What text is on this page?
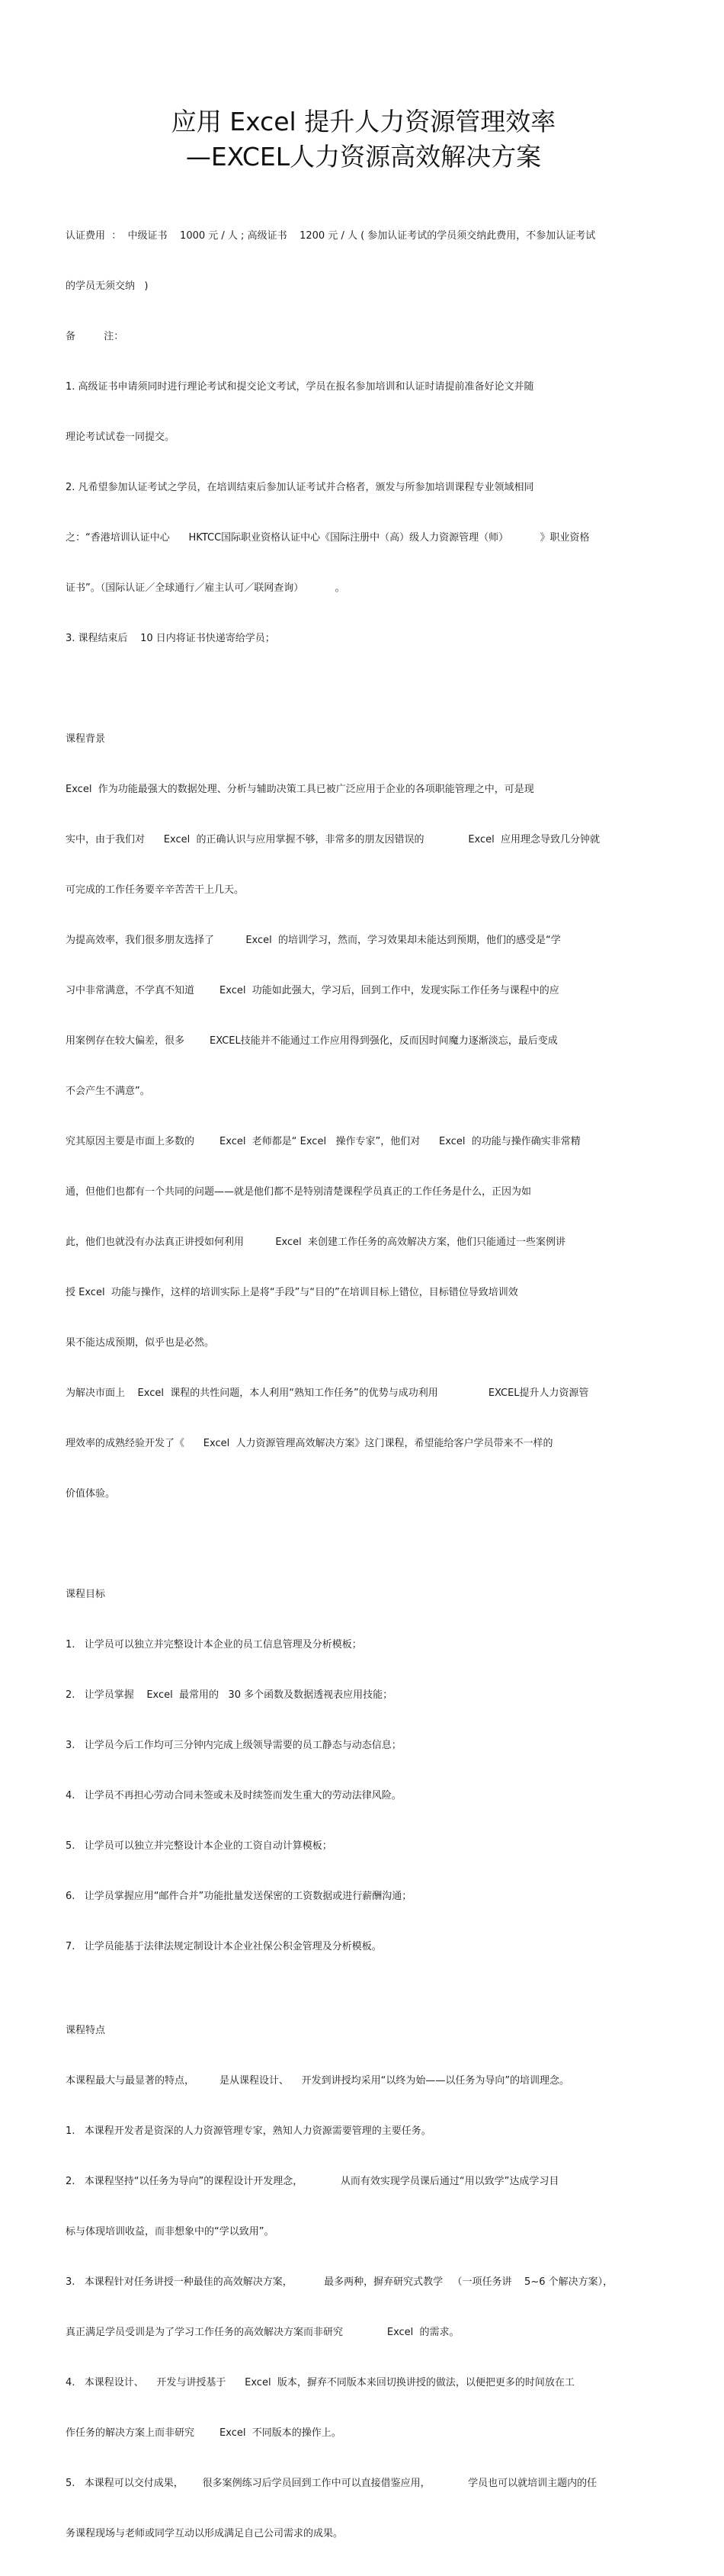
应用 Excel 提升人力资源管理效率
—EXCEL人力资源高效解决方案

认证费用  ：  中级证书    1000 元 / 人 ; 高级证书    1200 元 / 人 ( 参加认证考试的学员须交纳此费用，不参加认证考试

的学员无须交纳   )

备         注：

1. 高级证书申请须同时进行理论考试和提交论文考试，学员在报名参加培训和认证时请提前准备好论文并随

理论考试试卷一同提交。

2. 凡希望参加认证考试之学员，在培训结束后参加认证考试并合格者，颁发与所参加培训课程专业领域相同

之：“香港培训认证中心      HKTCC国际职业资格认证中心《国际注册中（高）级人力资源管理（师）          》职业资格

证书”。（国际认证／全球通行／雇主认可／联网查询）          。

3. 课程结束后    10 日内将证书快递寄给学员；

课程背景

Excel  作为功能最强大的数据处理、分析与辅助决策工具已被广泛应用于企业的各项职能管理之中，可是现

实中，由于我们对      Excel  的正确认识与应用掌握不够，非常多的朋友因错误的              Excel  应用理念导致几分钟就

可完成的工作任务要辛辛苦苦干上几天。

为提高效率，我们很多朋友选择了          Excel  的培训学习，然而，学习效果却未能达到预期，他们的感受是“学

习中非常满意，不学真不知道        Excel  功能如此强大，学习后，回到工作中，发现实际工作任务与课程中的应

用案例存在较大偏差，很多        EXCEL技能并不能通过工作应用得到强化，反而因时间魔力逐渐淡忘，最后变成

不会产生不满意”。

究其原因主要是市面上多数的        Excel  老师都是“ Excel   操作专家”，他们对      Excel  的功能与操作确实非常精

通，但他们也都有一个共同的问题——就是他们都不是特别清楚课程学员真正的工作任务是什么，正因为如

此，他们也就没有办法真正讲授如何利用          Excel  来创建工作任务的高效解决方案，他们只能通过一些案例讲

授 Excel  功能与操作，这样的培训实际上是将“手段”与“目的”在培训目标上错位，目标错位导致培训效

果不能达成预期，似乎也是必然。

为解决市面上    Excel  课程的共性问题，本人利用“熟知工作任务”的优势与成功利用                EXCEL提升人力资源管

理效率的成熟经验开发了《      Excel  人力资源管理高效解决方案》这门课程，希望能给客户学员带来不一样的

价值体验。

课程目标

1.   让学员可以独立并完整设计本企业的员工信息管理及分析模板；

2.   让学员掌握    Excel  最常用的   30 多个函数及数据透视表应用技能；

3.   让学员今后工作均可三分钟内完成上级领导需要的员工静态与动态信息；

4.   让学员不再担心劳动合同未签或未及时续签而发生重大的劳动法律风险。

5.   让学员可以独立并完整设计本企业的工资自动计算模板；

6.   让学员掌握应用“邮件合并”功能批量发送保密的工资数据或进行薪酬沟通；

7.   让学员能基于法律法规定制设计本企业社保公积金管理及分析模板。

课程特点

本课程最大与最显著的特点，        是从课程设计、    开发到讲授均采用“以终为始——以任务为导向”的培训理念。

1.   本课程开发者是资深的人力资源管理专家，熟知人力资源需要管理的主要任务。

2.   本课程坚持“以任务为导向”的课程设计开发理念，            从而有效实现学员课后通过“用以致学”达成学习目

标与体现培训收益，而非想象中的“学以致用”。

3.   本课程针对任务讲授一种最佳的高效解决方案，          最多两种，摒弃研究式教学   （一项任务讲    5~6 个解决方案），

真正满足学员受训是为了学习工作任务的高效解决方案而非研究              Excel  的需求。

4.   本课程设计、    开发与讲授基于      Excel  版本，摒弃不同版本来回切换讲授的做法，以便把更多的时间放在工

作任务的解决方案上而非研究        Excel  不同版本的操作上。

5.   本课程可以交付成果，      很多案例练习后学员回到工作中可以直接借鉴应用，            学员也可以就培训主题内的任

务课程现场与老师或同学互动以形成满足自己公司需求的成果。
